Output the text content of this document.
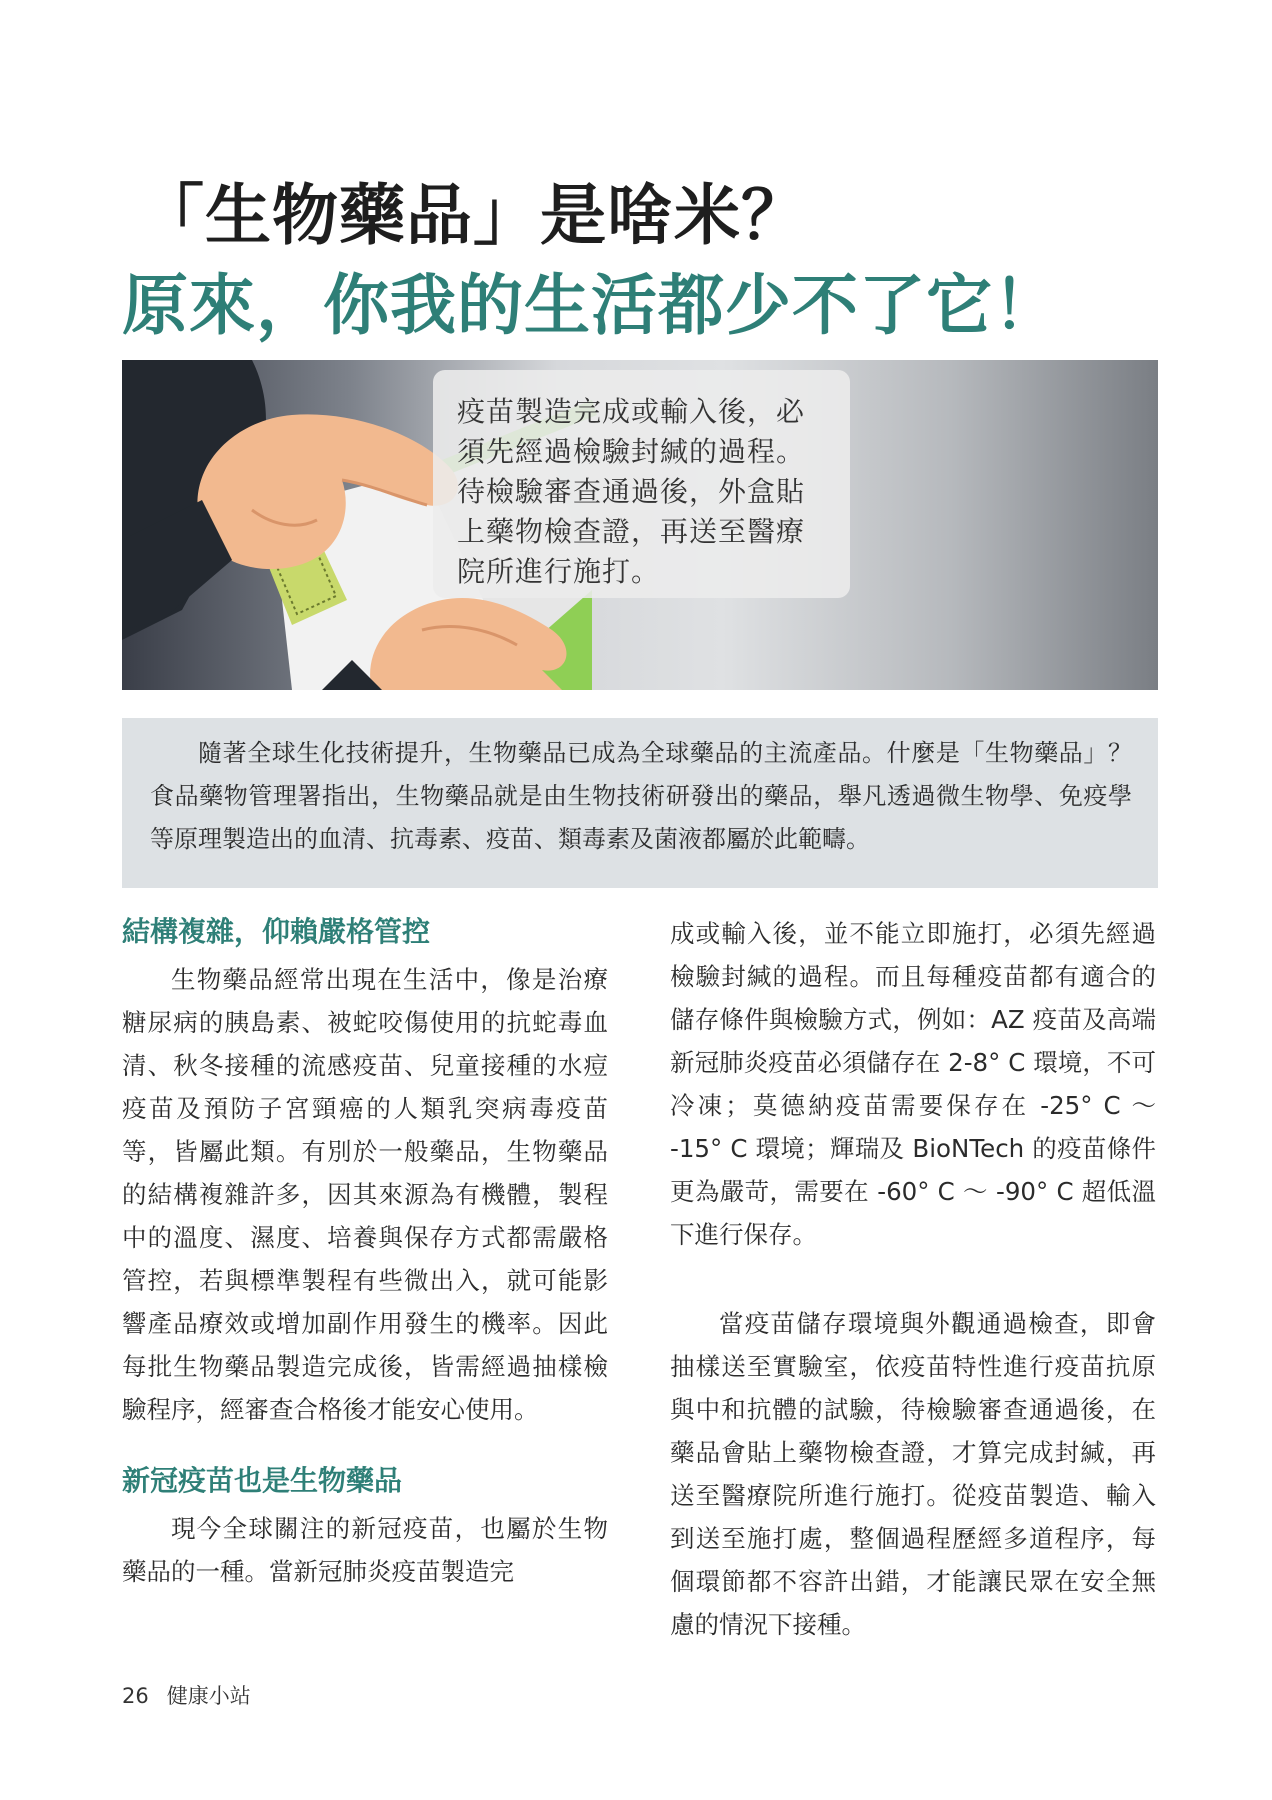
「生物藥品」是啥米？
原來，你我的生活都少不了它！
疫苗製造完成或輸入後，必須先經過檢驗封緘的過程。待檢驗審查通過後，外盒貼上藥物檢查證，再送至醫療院所進行施打。

隨著全球生化技術提升，生物藥品已成為全球藥品的主流產品。什麼是「生物藥品」？食品藥物管理署指出，生物藥品就是由生物技術研發出的藥品，舉凡透過微生物學、免疫學等原理製造出的血清、抗毒素、疫苗、類毒素及菌液都屬於此範疇。

結構複雜，仰賴嚴格管控

生物藥品經常出現在生活中，像是治療糖尿病的胰島素、被蛇咬傷使用的抗蛇毒血清、秋冬接種的流感疫苗、兒童接種的水痘疫苗及預防子宮頸癌的人類乳突病毒疫苗等，皆屬此類。有別於一般藥品，生物藥品的結構複雜許多，因其來源為有機體，製程中的溫度、濕度、培養與保存方式都需嚴格管控，若與標準製程有些微出入，就可能影響產品療效或增加副作用發生的機率。因此每批生物藥品製造完成後，皆需經過抽樣檢驗程序，經審查合格後才能安心使用。

新冠疫苗也是生物藥品

現今全球關注的新冠疫苗，也屬於生物藥品的一種。當新冠肺炎疫苗製造完

成或輸入後，並不能立即施打，必須先經過檢驗封緘的過程。而且每種疫苗都有適合的儲存條件與檢驗方式，例如：AZ 疫苗及高端新冠肺炎疫苗必須儲存在 2-8° C 環境，不可冷凍；莫德納疫苗需要保存在 -25° C ～ -15° C 環境；輝瑞及 BioNTech 的疫苗條件更為嚴苛，需要在 -60° C ～ -90° C 超低溫下進行保存。

當疫苗儲存環境與外觀通過檢查，即會抽樣送至實驗室，依疫苗特性進行疫苗抗原與中和抗體的試驗，待檢驗審查通過後，在藥品會貼上藥物檢查證，才算完成封緘，再送至醫療院所進行施打。從疫苗製造、輸入到送至施打處，整個過程歷經多道程序，每個環節都不容許出錯，才能讓民眾在安全無慮的情況下接種。

26 健康小站
